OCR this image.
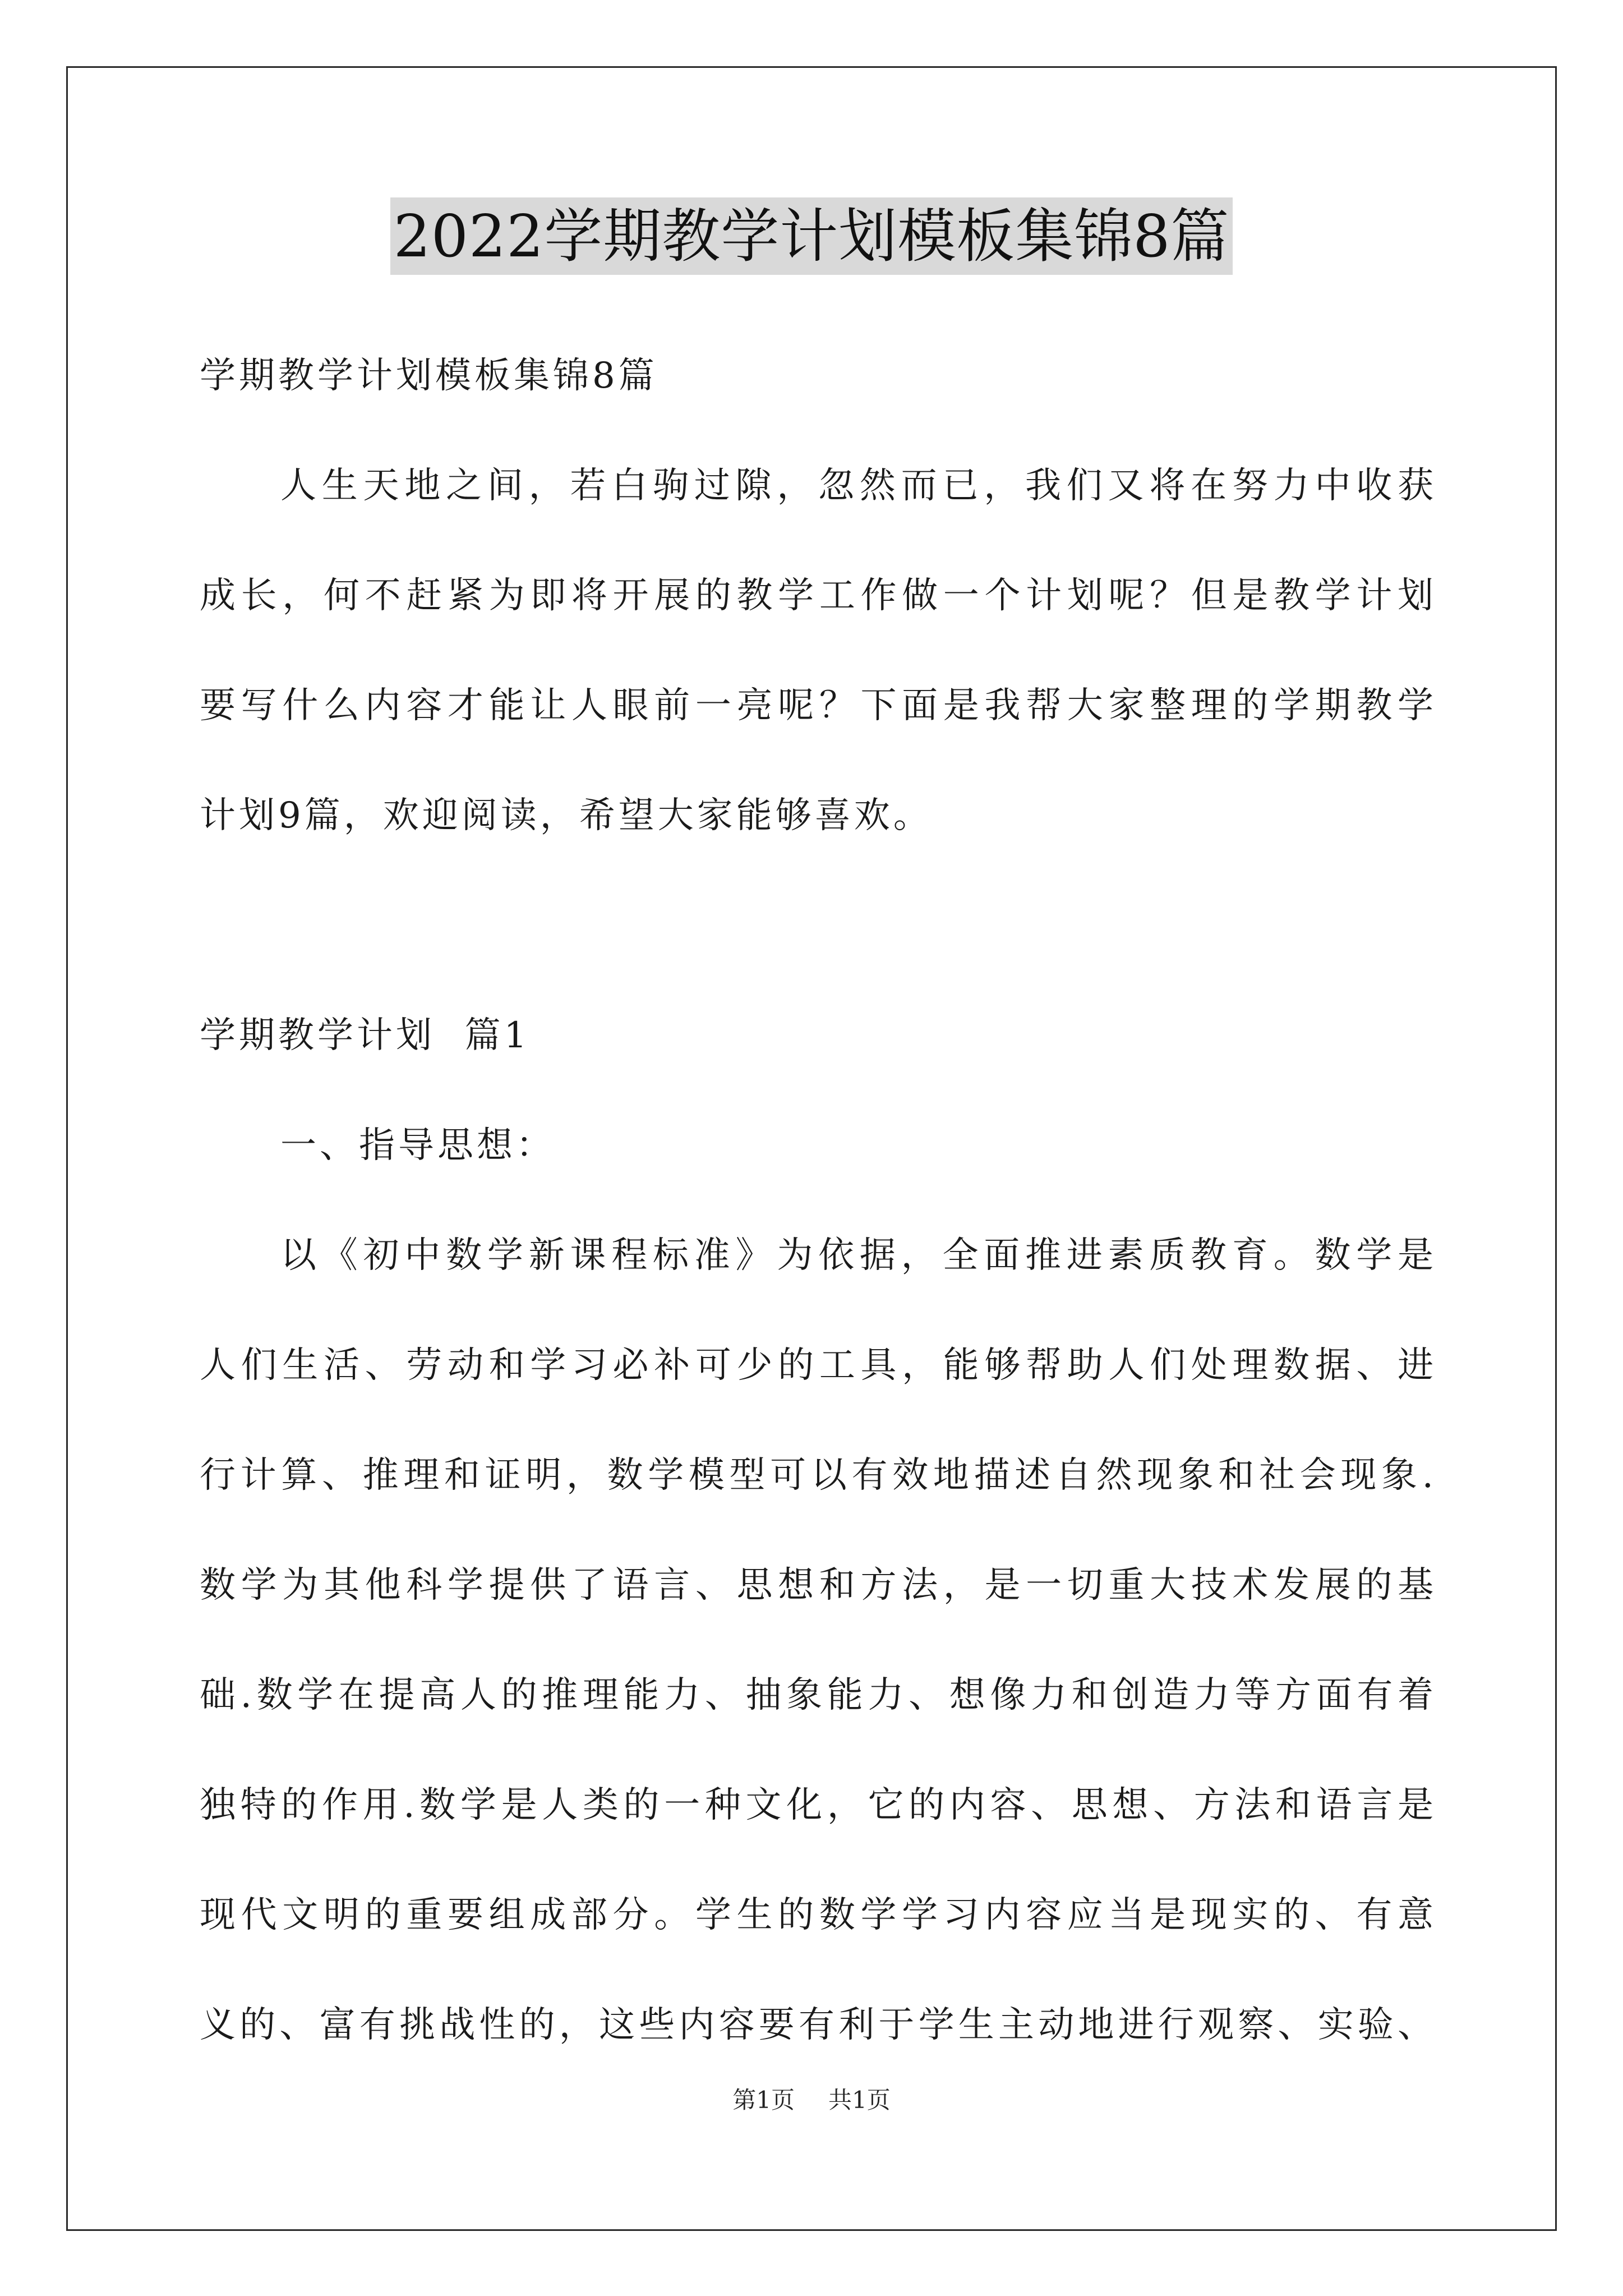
2022学期教学计划模板集锦8篇
学期教学计划模板集锦8篇
人生天地之间，若白驹过隙，忽然而已，我们又将在努力中收获
成长，何不赶紧为即将开展的教学工作做一个计划呢？但是教学计划
要写什么内容才能让人眼前一亮呢？下面是我帮大家整理的学期教学
计划9篇，欢迎阅读，希望大家能够喜欢。
学期教学计划  篇1
一、指导思想：
以《初中数学新课程标准》为依据，全面推进素质教育。数学是
人们生活、劳动和学习必补可少的工具，能够帮助人们处理数据、进
行计算、推理和证明，数学模型可以有效地描述自然现象和社会现象.
数学为其他科学提供了语言、思想和方法，是一切重大技术发展的基
础.数学在提高人的推理能力、抽象能力、想像力和创造力等方面有着
独特的作用.数学是人类的一种文化，它的内容、思想、方法和语言是
现代文明的重要组成部分。学生的数学学习内容应当是现实的、有意
义的、富有挑战性的，这些内容要有利于学生主动地进行观察、实验、
第1页 共1页
